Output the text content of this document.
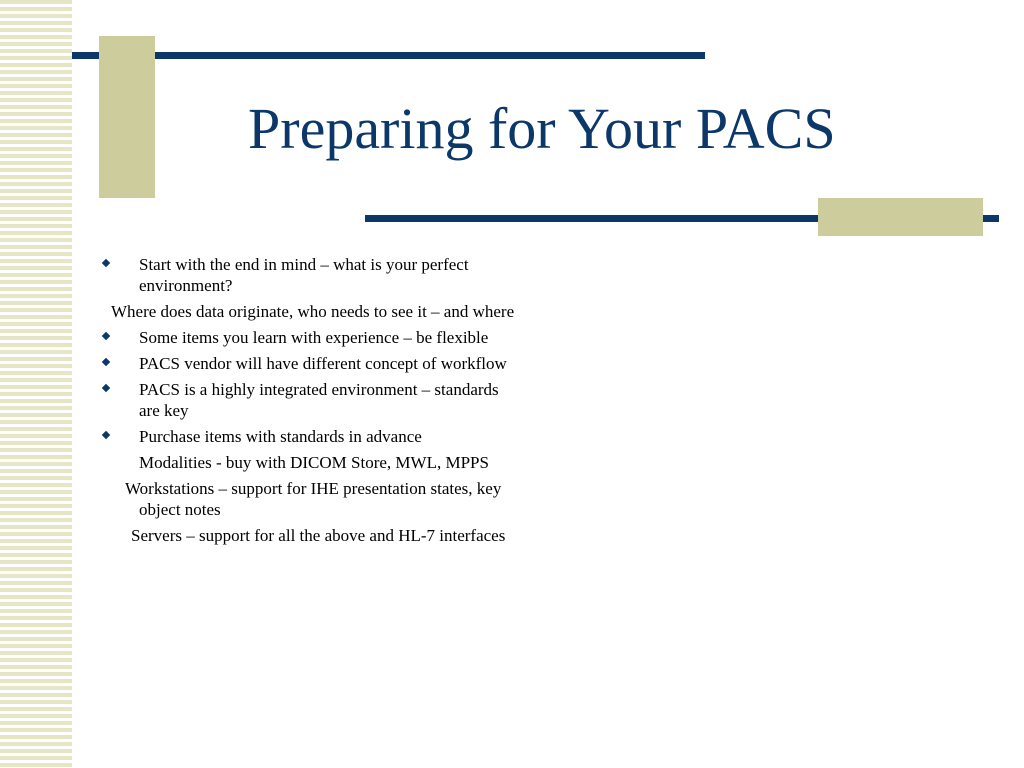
Preparing for Your PACS
Start with the end in mind – what is your perfect environment?
Where does data originate, who needs to see it – and where
Some items you learn with experience – be flexible
PACS vendor will have different concept of workflow
PACS is a highly integrated environment – standards are key
Purchase items with standards in advance
Modalities - buy with DICOM Store, MWL, MPPS
Workstations – support for IHE presentation states, key object notes
Servers – support for all the above and HL-7 interfaces
